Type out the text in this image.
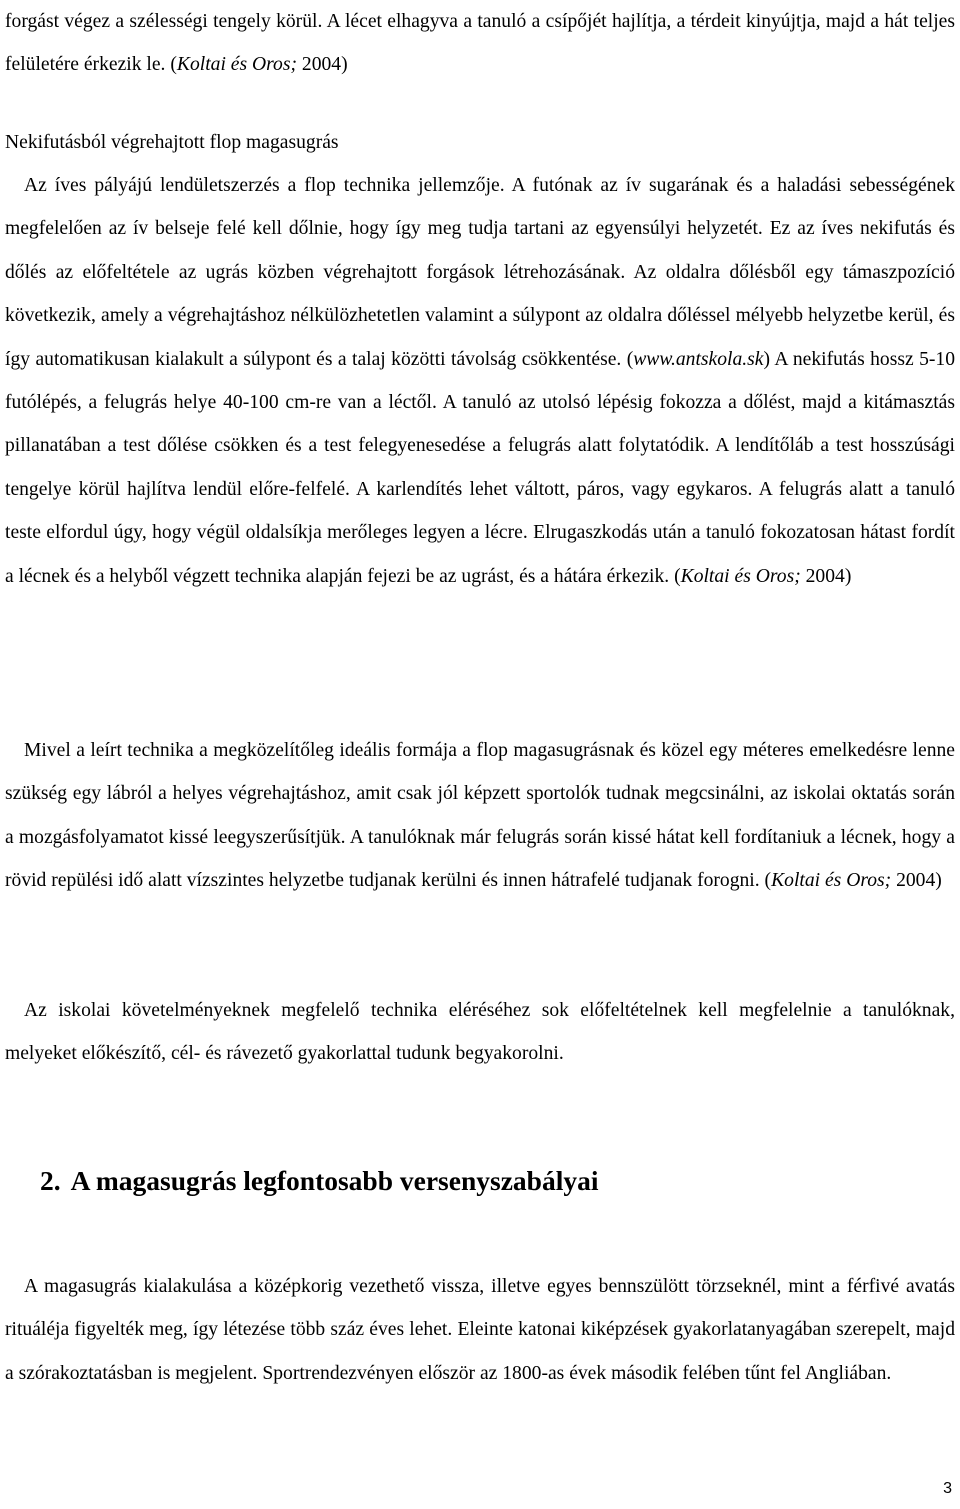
forgást végez a szélességi tengely körül. A lécet elhagyva a tanuló a csípőjét hajlítja, a térdeit kinyújtja, majd a hát teljes felületére érkezik le. (Koltai és Oros; 2004)

Nekifutásból végrehajtott flop magasugrás

Az íves pályájú lendületszerzés a flop technika jellemzője. A futónak az ív sugarának és a haladási sebességének megfelelően az ív belseje felé kell dőlnie, hogy így meg tudja tartani az egyensúlyi helyzetét. Ez az íves nekifutás és dőlés az előfeltétele az ugrás közben végrehajtott forgások létrehozásának. Az oldalra dőlésből egy támaszpozíció következik, amely a végrehajtáshoz nélkülözhetetlen valamint a súlypont az oldalra dőléssel mélyebb helyzetbe kerül, és így automatikusan kialakult a súlypont és a talaj közötti távolság csökkentése. (www.antskola.sk) A nekifutás hossz 5-10 futólépés, a felugrás helye 40-100 cm-re van a léctől. A tanuló az utolsó lépésig fokozza a dőlést, majd a kitámasztás pillanatában a test dőlése csökken és a test felegyenesedése a felugrás alatt folytatódik. A lendítőláb a test hosszúsági tengelye körül hajlítva lendül előre-felfelé. A karlendítés lehet váltott, páros, vagy egykaros. A felugrás alatt a tanuló teste elfordul úgy, hogy végül oldalsíkja merőleges legyen a lécre. Elrugaszkodás után a tanuló fokozatosan hátast fordít a lécnek és a helyből végzett technika alapján fejezi be az ugrást, és a hátára érkezik. (Koltai és Oros; 2004)

Mivel a leírt technika a megközelítőleg ideális formája a flop magasugrásnak és közel egy méteres emelkedésre lenne szükség egy lábról a helyes végrehajtáshoz, amit csak jól képzett sportolók tudnak megcsinálni, az iskolai oktatás során a mozgásfolyamatot kissé leegyszerűsítjük. A tanulóknak már felugrás során kissé hátat kell fordítaniuk a lécnek, hogy a rövid repülési idő alatt vízszintes helyzetbe tudjanak kerülni és innen hátrafelé tudjanak forogni. (Koltai és Oros; 2004)

Az iskolai követelményeknek megfelelő technika eléréséhez sok előfeltételnek kell megfelelnie a tanulóknak, melyeket előkészítő, cél- és rávezető gyakorlattal tudunk begyakorolni.

2. A magasugrás legfontosabb versenyszabályai

A magasugrás kialakulása a középkorig vezethető vissza, illetve egyes bennszülött törzseknél, mint a férfivé avatás rituáléja figyelték meg, így létezése több száz éves lehet. Eleinte katonai kiképzések gyakorlatanyagában szerepelt, majd a szórakoztatásban is megjelent. Sportrendezvényen először az 1800-as évek második felében tűnt fel Angliában.

3
